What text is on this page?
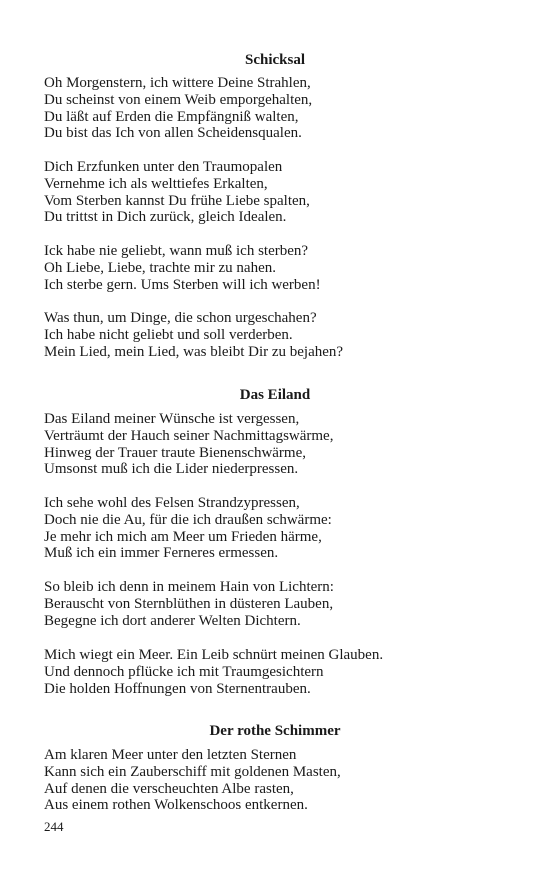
Schicksal
Oh Morgenstern, ich wittere Deine Strahlen,
Du scheinst von einem Weib emporgehalten,
Du läßt auf Erden die Empfängniß walten,
Du bist das Ich von allen Scheidensqualen.
Dich Erzfunken unter den Traumopalen
Vernehme ich als welttiefes Erkalten,
Vom Sterben kannst Du frühe Liebe spalten,
Du trittst in Dich zurück, gleich Idealen.
Ick habe nie geliebt, wann muß ich sterben?
Oh Liebe, Liebe, trachte mir zu nahen.
Ich sterbe gern. Ums Sterben will ich werben!
Was thun, um Dinge, die schon urgeschahen?
Ich habe nicht geliebt und soll verderben.
Mein Lied, mein Lied, was bleibt Dir zu bejahen?
Das Eiland
Das Eiland meiner Wünsche ist vergessen,
Verträumt der Hauch seiner Nachmittagswärme,
Hinweg der Trauer traute Bienenschwärme,
Umsonst muß ich die Lider niederpressen.
Ich sehe wohl des Felsen Strandzypressen,
Doch nie die Au, für die ich draußen schwärme:
Je mehr ich mich am Meer um Frieden härme,
Muß ich ein immer Ferneres ermessen.
So bleib ich denn in meinem Hain von Lichtern:
Berauscht von Sternblüthen in düsteren Lauben,
Begegne ich dort anderer Welten Dichtern.
Mich wiegt ein Meer. Ein Leib schnürt meinen Glauben.
Und dennoch pflücke ich mit Traumgesichtern
Die holden Hoffnungen von Sternentrauben.
Der rothe Schimmer
Am klaren Meer unter den letzten Sternen
Kann sich ein Zauberschiff mit goldenen Masten,
Auf denen die verscheuchten Albe rasten,
Aus einem rothen Wolkenschoos entkernen.
244
